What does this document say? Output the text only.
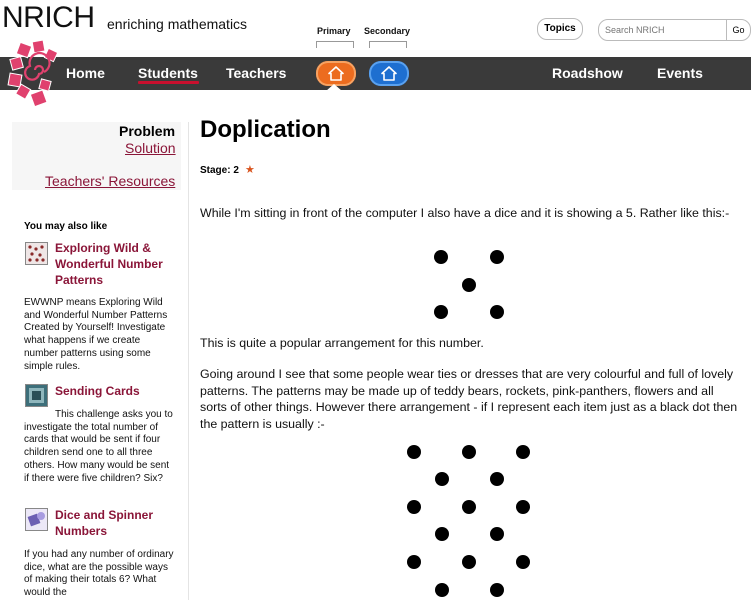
NRICH enriching mathematics	Topics
Search NRICH	Go
Primary Secondary
Home Students Teachers	Roadshow Events
Problem
Solution
Teachers' Resources
You may also like
Exploring Wild & Wonderful Number Patterns
EWWNP means Exploring Wild and Wonderful Number Patterns Created by Yourself! Investigate what happens if we create number patterns using some simple rules.
Sending Cards
This challenge asks you to investigate the total number of cards that would be sent if four children send one to all three others. How many would be sent if there were five children? Six?
Dice and Spinner Numbers
If you had any number of ordinary dice, what are the possible ways of making their totals 6? What would the
Doplication
Stage: 2 ★
While I'm sitting in front of the computer I also have a dice and it is showing a 5. Rather like this:-
This is quite a popular arrangement for this number.
Going around I see that some people wear ties or dresses that are very colourful and full of lovely patterns. The patterns may be made up of teddy bears, rockets, pink-panthers, flowers and all sorts of other things. However there arrangement - if I represent each item just as a black dot then the pattern is usually :-
